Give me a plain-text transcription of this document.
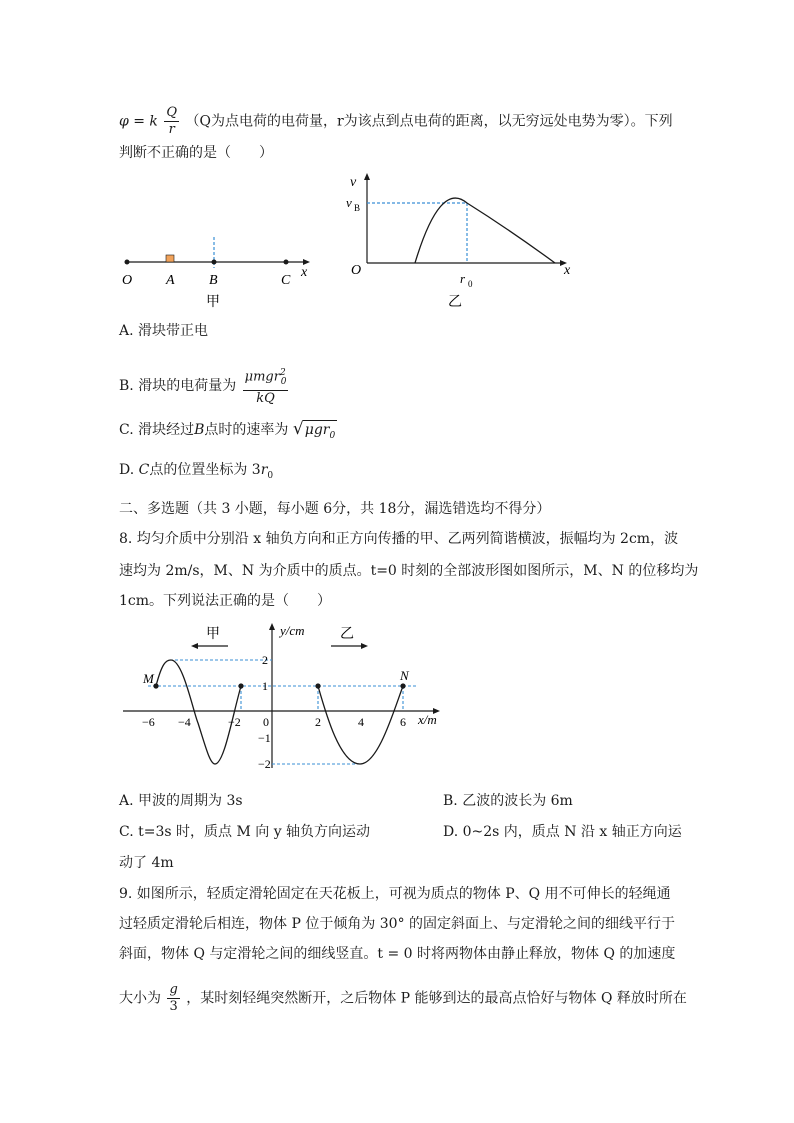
φ = k $\frac{Q}{r} (Q$为点电荷的电荷量，r为该点到点电荷的距离，以无穷远处电势为零）。下列
判断不正确的是（　　）
O A B	C
x
甲
v
v B
O	x
r 0
乙
A. 滑块带正电
B. 滑块的电荷量为 $\frac{\mu mgr^2_0}{kQ}$
C. 滑块经过B点时的速率为 √μgr$_0$
D. C点的位置坐标为 $3r_0$
二、多选题（共 3 小题，每小题 6分，共 18分，漏选错选均不得分）
8. 均匀介质中分别沿 x 轴负方向和正方向传播的甲、乙两列简谐横波，振幅均为 2cm，波
速均为 2m/s，M、N 为介质中的质点。t=0 时刻的全部波形图如图所示，M、N 的位移均为
1cm。下列说法正确的是（　　）
甲	乙
y/cm
x/m
M	N
−6 −4	−2 0	2	4	6
2
1
−1
−2
A. 甲波的周期为 3s	B. 乙波的波长为 6m
C. t=3s 时，质点 M 向 y 轴负方向运动	D. 0~2s 内，质点 N 沿 x 轴正方向运
动了 4m
9. 如图所示，轻质定滑轮固定在天花板上，可视为质点的物体 P、Q 用不可伸长的轻绳通
过轻质定滑轮后相连，物体 P 位于倾角为 30° 的固定斜面上、与定滑轮之间的细线平行于
斜面，物体 Q 与定滑轮之间的细线竖直。t = 0 时将两物体由静止释放，物体 Q 的加速度
大小为 $\frac{g}{3}$ ，某时刻轻绳突然断开，之后物体 P 能够到达的最高点恰好与物体 Q 释放时所在
